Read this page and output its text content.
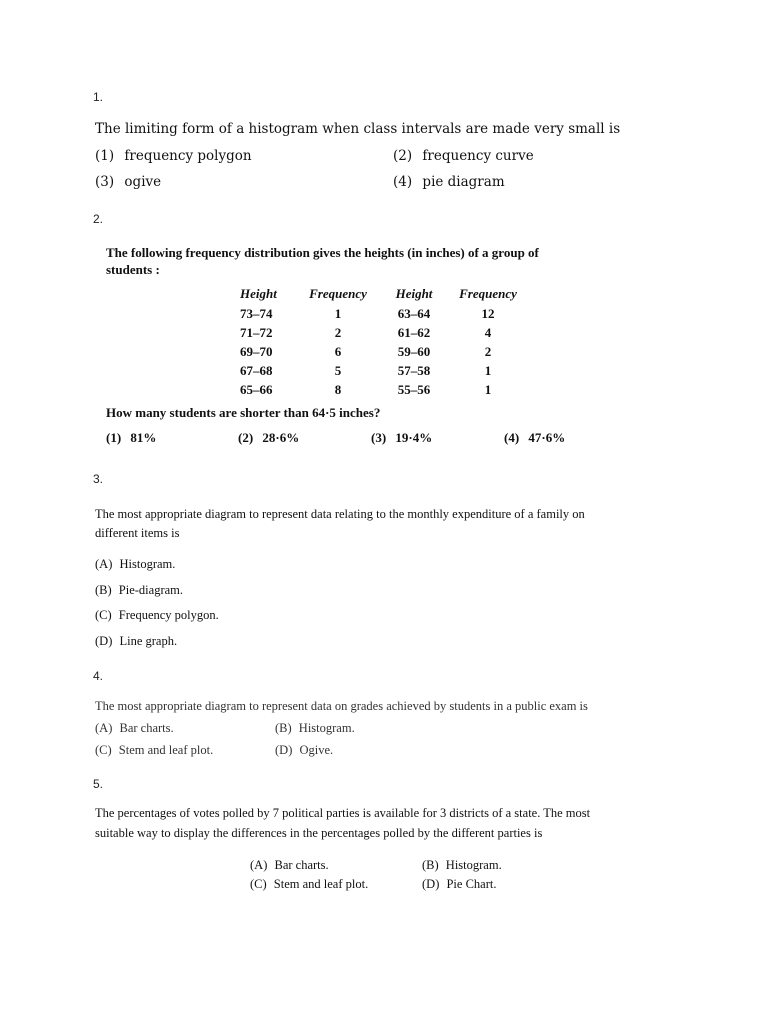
1.
The limiting form of a histogram when class intervals are made very small is
(1) frequency polygon	(2) frequency curve
(3) ogive	(4) pie diagram
2.
The following frequency distribution gives the heights (in inches) of a group of
students :
Height	Frequency	Height	Frequency
73–74	1	63–64	12
71–72	2	61–62	4
69–70	6	59–60	2
67–68	5	57–58	1
65–66	8	55–56	1
How many students are shorter than 64·5 inches?
(1) 81%	(2) 28·6%	(3) 19·4%	(4) 47·6%
3.
The most appropriate diagram to represent data relating to the monthly expenditure of a family on
different items is
(A) Histogram.
(B) Pie-diagram.
(C) Frequency polygon.
(D) Line graph.
4.
The most appropriate diagram to represent data on grades achieved by students in a public exam is
(A) Bar charts.	(B) Histogram.
(C) Stem and leaf plot.	(D) Ogive.
5.
The percentages of votes polled by 7 political parties is available for 3 districts of a state. The most
suitable way to display the differences in the percentages polled by the different parties is
(A) Bar charts.	(B) Histogram.
(C) Stem and leaf plot.	(D) Pie Chart.
